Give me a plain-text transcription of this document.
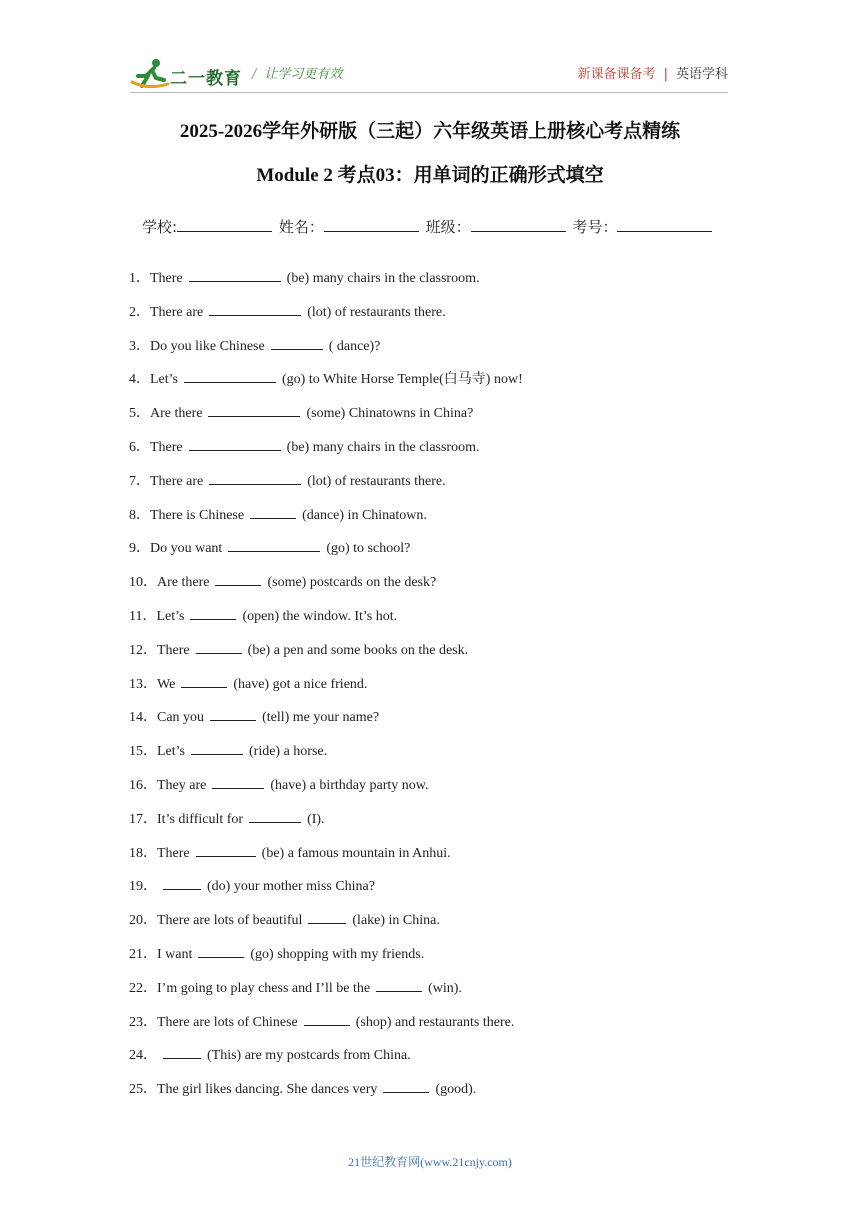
二一教育 / 让学习更有效	新课备课备考 | 英语学科
2025-2026学年外研版（三起）六年级英语上册核心考点精练
Module 2 考点03：用单词的正确形式填空
学校:	姓名：	班级：	考号：
1．There	(be) many chairs in the classroom.
2．There are	(lot) of restaurants there.
3．Do you like Chinese	( dance)?
4．Let’s	(go) to White Horse Temple(白马寺) now!
5．Are there	(some) Chinatowns in China?
6．There	(be) many chairs in the classroom.
7．There are	(lot) of restaurants there.
8．There is Chinese	(dance) in Chinatown.
9．Do you want	(go) to school?
10．Are there	(some) postcards on the desk?
11．Let’s	(open) the window. It’s hot.
12．There	(be) a pen and some books on the desk.
13．We	(have) got a nice friend.
14．Can you	(tell) me your name?
15．Let’s	(ride) a horse.
16．They are	(have) a birthday party now.
17．It’s difficult for	(I).
18．There	(be) a famous mountain in Anhui.
19．	(do) your mother miss China?
20．There are lots of beautiful	(lake) in China.
21．I want	(go) shopping with my friends.
22．I’m going to play chess and I’ll be the	(win).
23．There are lots of Chinese	(shop) and restaurants there.
24．	(This) are my postcards from China.
25．The girl likes dancing. She dances very	(good).
21世纪教育网(www.21cnjy.com)
